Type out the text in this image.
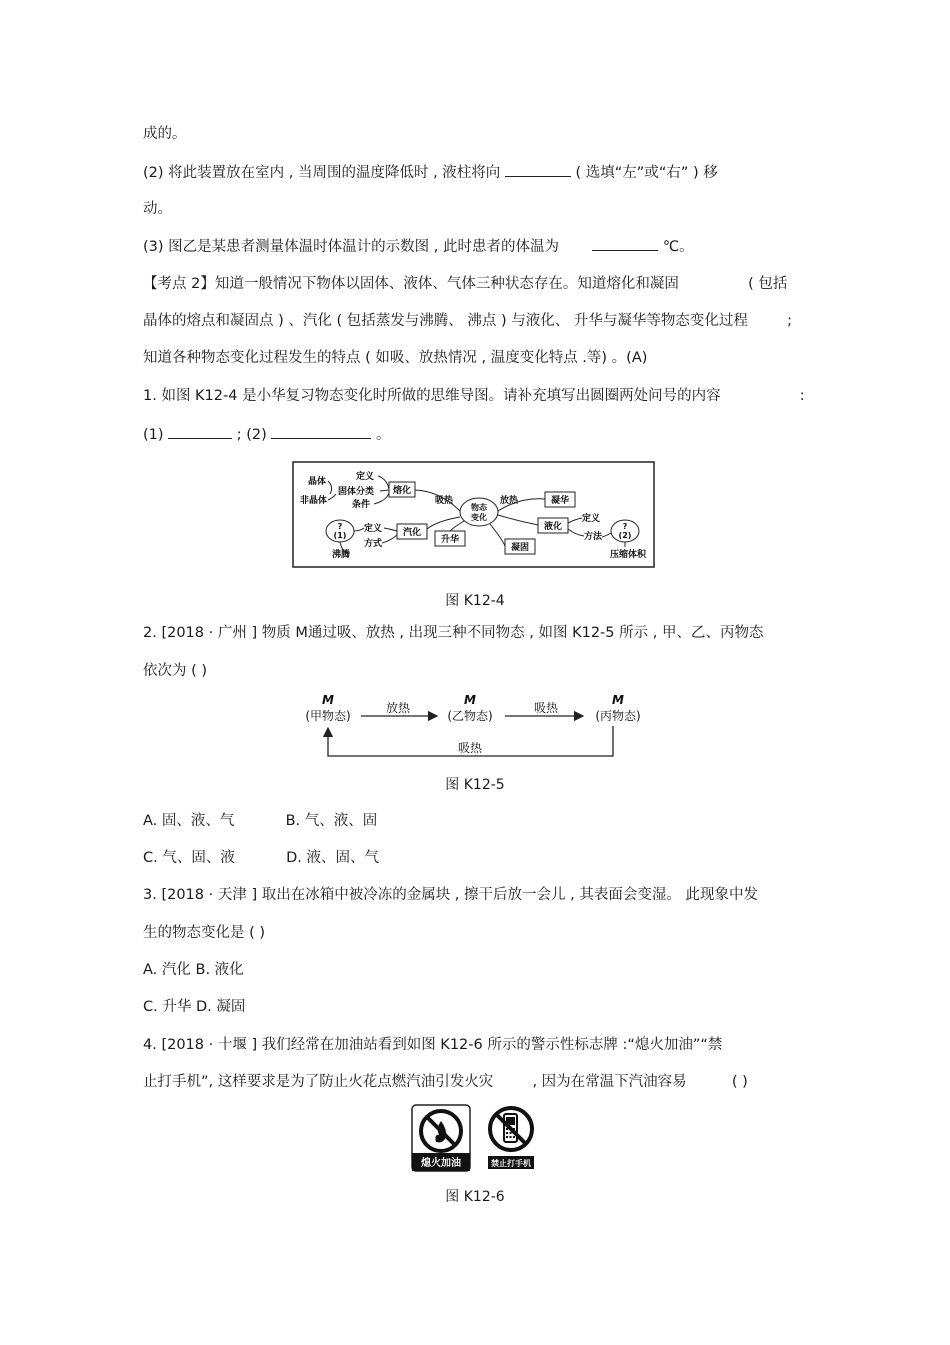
成的。
(2) 将此装置放在室内 , 当周围的温度降低时 , 液柱将向	( 选填“左”或“右” ) 移
动。
(3) 图乙是某患者测量体温时体温计的示数图 , 此时患者的体温为	℃。
【考点 2】知道一般情况下物体以固体、液体、气体三种状态存在。知道熔化和凝固	( 包括
晶体的熔点和凝固点 ) 、汽化 ( 包括蒸发与沸腾、 沸点 ) 与液化、 升华与凝华等物态变化过程	;
知道各种物态变化过程发生的特点 ( 如吸、放热情况 , 温度变化特点 .等) 。(A)
1. 如图 K12-4 是小华复习物态变化时所做的思维导图。请补充填写出圆圈两处问号的内容	:
(1)	; (2)	。
晶体
非晶体
定义
固体分类
条件	吸热	放热
定义
方式
沸腾
定义
方法
压缩体积
熔化
汽化
升华
凝华
液化
凝固
物态
变化
?
(1)
?
(2)
图 K12-4
2. [2018 · 广州 ] 物质 M通过吸、放热 , 出现三种不同物态 , 如图 K12-5 所示 , 甲、乙、丙物态
依次为 ( )
M
(甲物态)
M
(乙物态)
M
(丙物态)
放热	吸热
吸热
图 K12-5
A. 固、液、气	B. 气、液、固
C. 气、固、液	D. 液、固、气
3. [2018 · 天津 ] 取出在冰箱中被冷冻的金属块 , 擦干后放一会儿 , 其表面会变湿。 此现象中发
生的物态变化是 ( )
A. 汽化 B. 液化
C. 升华 D. 凝固
4. [2018 · 十堰 ] 我们经常在加油站看到如图 K12-6 所示的警示性标志牌 :“熄火加油”“禁
止打手机”, 这样要求是为了防止火花点燃汽油引发火灾	, 因为在常温下汽油容易	( )
熄火加油	禁止打手机
图 K12-6
